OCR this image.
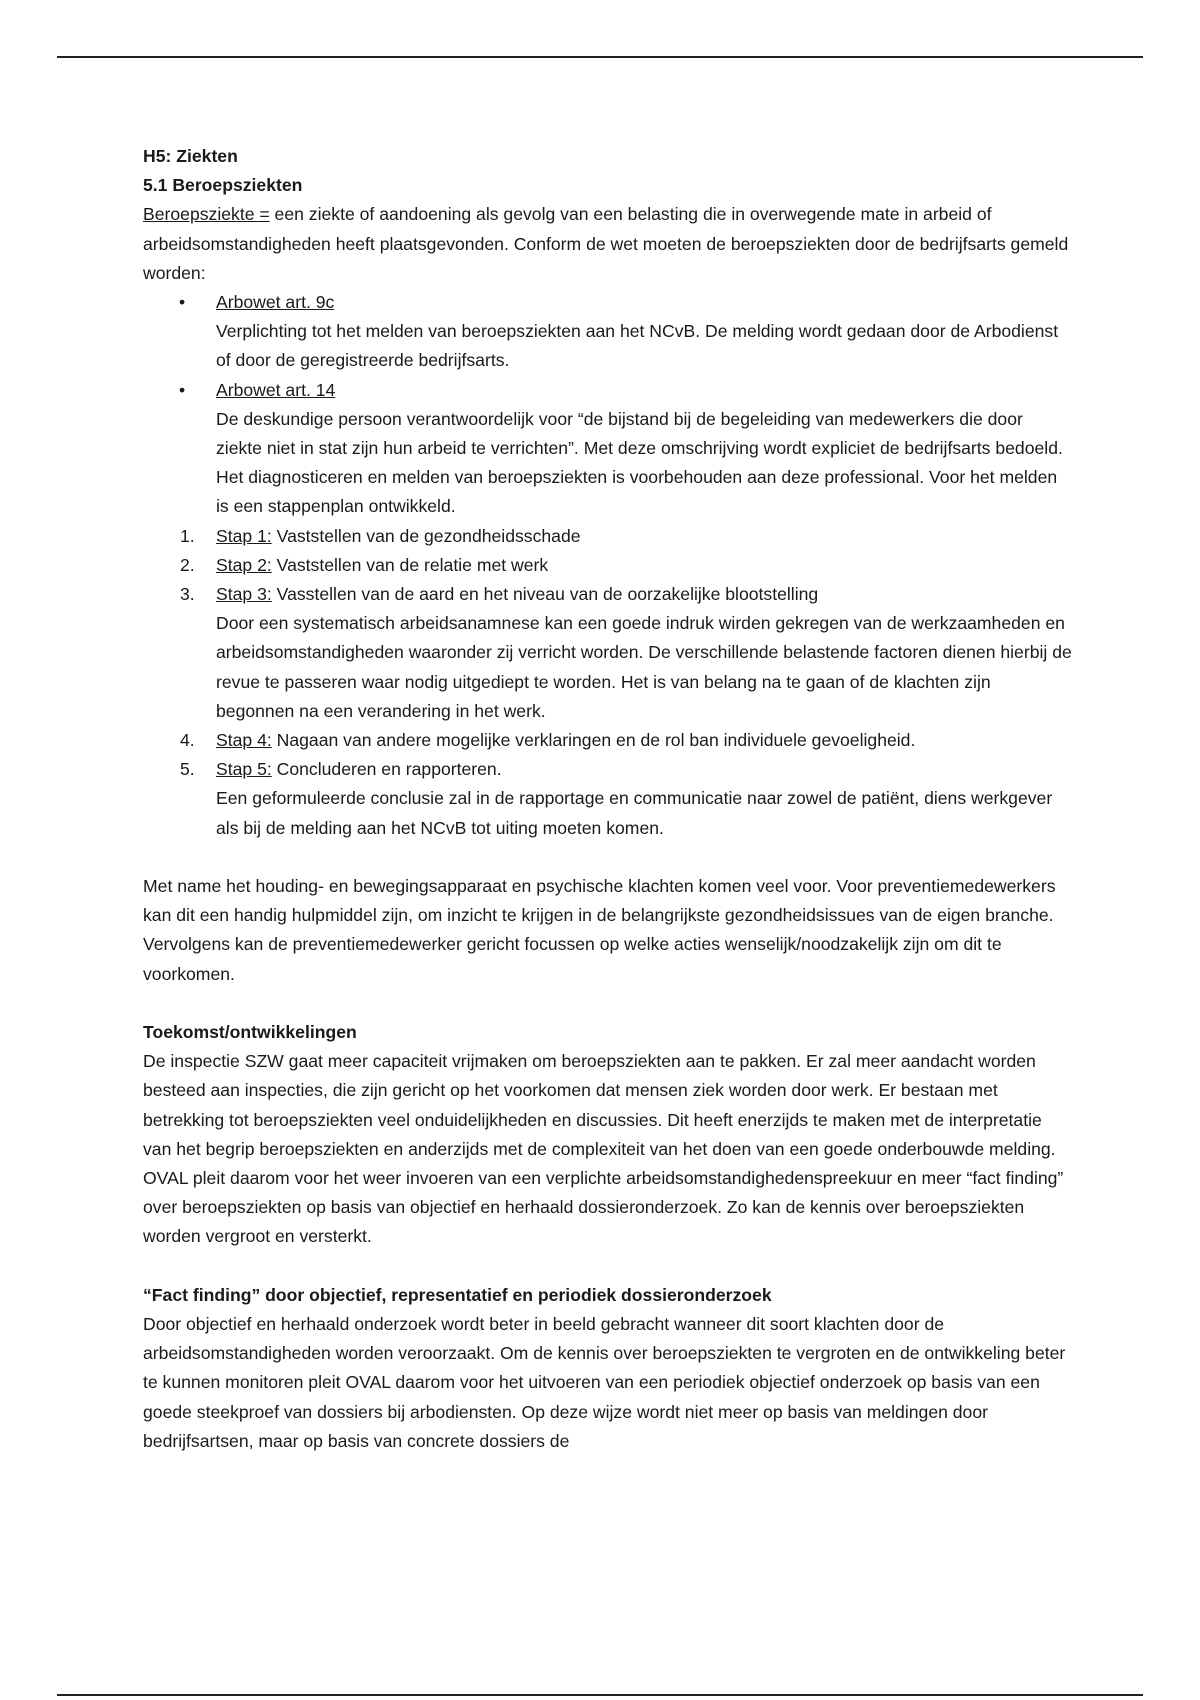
H5: Ziekten

5.1 Beroepsziekten

Beroepsziekte = een ziekte of aandoening als gevolg van een belasting die in overwegende mate in arbeid of arbeidsomstandigheden heeft plaatsgevonden. Conform de wet moeten de beroepsziekten door de bedrijfsarts gemeld worden:

• Arbowet art. 9c

Verplichting tot het melden van beroepsziekten aan het NCvB. De melding wordt gedaan door de Arbodienst of door de geregistreerde bedrijfsarts.

• Arbowet art. 14

De deskundige persoon verantwoordelijk voor “de bijstand bij de begeleiding van medewerkers die door ziekte niet in stat zijn hun arbeid te verrichten”. Met deze omschrijving wordt expliciet de bedrijfsarts bedoeld. Het diagnosticeren en melden van beroepsziekten is voorbehouden aan deze professional. Voor het melden is een stappenplan ontwikkeld.

1. Stap 1: Vaststellen van de gezondheidsschade

2. Stap 2: Vaststellen van de relatie met werk

3. Stap 3: Vasstellen van de aard en het niveau van de oorzakelijke blootstelling

Door een systematisch arbeidsanamnese kan een goede indruk wirden gekregen van de werkzaamheden en arbeidsomstandigheden waaronder zij verricht worden. De verschillende belastende factoren dienen hierbij de revue te passeren waar nodig uitgediept te worden. Het is van belang na te gaan of de klachten zijn begonnen na een verandering in het werk.

4. Stap 4: Nagaan van andere mogelijke verklaringen en de rol ban individuele gevoeligheid.

5. Stap 5: Concluderen en rapporteren.

Een geformuleerde conclusie zal in de rapportage en communicatie naar zowel de patiënt, diens werkgever als bij de melding aan het NCvB tot uiting moeten komen.

Met name het houding- en bewegingsapparaat en psychische klachten komen veel voor. Voor preventiemedewerkers kan dit een handig hulpmiddel zijn, om inzicht te krijgen in de belangrijkste gezondheidsissues van de eigen branche. Vervolgens kan de preventiemedewerker gericht focussen op welke acties wenselijk/noodzakelijk zijn om dit te voorkomen.

Toekomst/ontwikkelingen

De inspectie SZW gaat meer capaciteit vrijmaken om beroepsziekten aan te pakken. Er zal meer aandacht worden besteed aan inspecties, die zijn gericht op het voorkomen dat mensen ziek worden door werk. Er bestaan met betrekking tot beroepsziekten veel onduidelijkheden en discussies. Dit heeft enerzijds te maken met de interpretatie van het begrip beroepsziekten en anderzijds met de complexiteit van het doen van een goede onderbouwde melding.

OVAL pleit daarom voor het weer invoeren van een verplichte arbeidsomstandighedenspreekuur en meer “fact finding” over beroepsziekten op basis van objectief en herhaald dossieronderzoek. Zo kan de kennis over beroepsziekten worden vergroot en versterkt.

“Fact finding” door objectief, representatief en periodiek dossieronderzoek

Door objectief en herhaald onderzoek wordt beter in beeld gebracht wanneer dit soort klachten door de arbeidsomstandigheden worden veroorzaakt. Om de kennis over beroepsziekten te vergroten en de ontwikkeling beter te kunnen monitoren pleit OVAL daarom voor het uitvoeren van een periodiek objectief onderzoek op basis van een goede steekproef van dossiers bij arbodiensten. Op deze wijze wordt niet meer op basis van meldingen door bedrijfsartsen, maar op basis van concrete dossiers de
